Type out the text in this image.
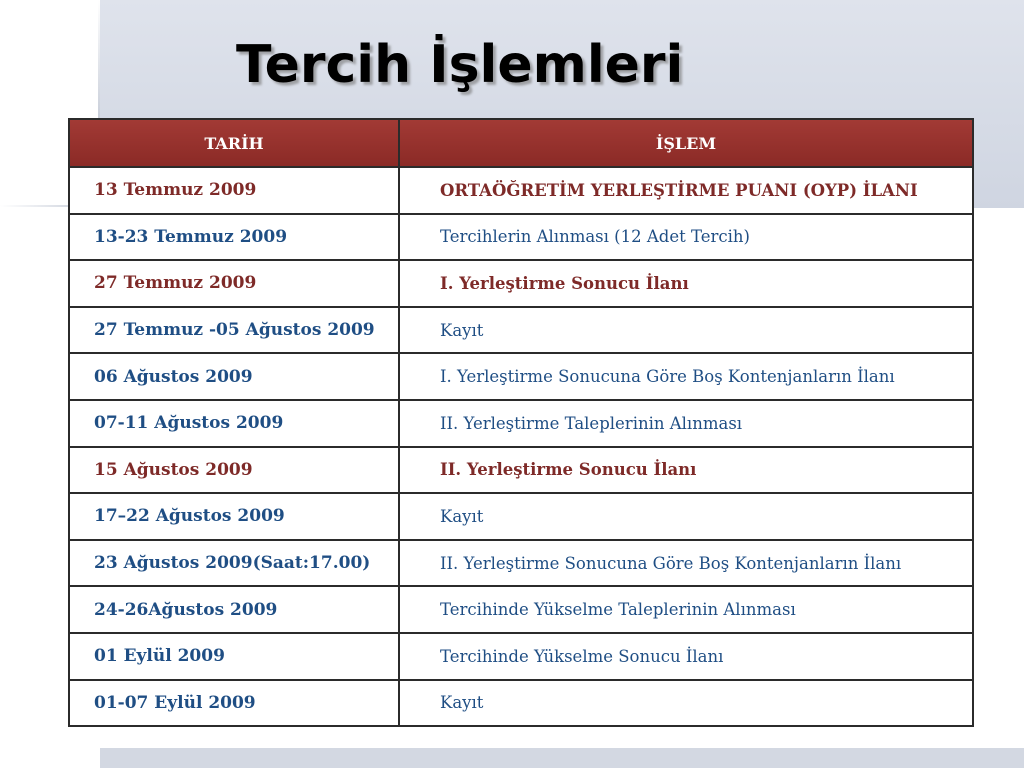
Tercih İşlemleri
TARİH	İŞLEM
13 Temmuz 2009	ORTAÖĞRETİM YERLEŞTİRME PUANI (OYP) İLANI
13-23 Temmuz 2009	Tercihlerin Alınması (12 Adet Tercih)
27 Temmuz 2009	I. Yerleştirme Sonucu İlanı
27 Temmuz -05 Ağustos 2009	Kayıt
06 Ağustos 2009	I. Yerleştirme Sonucuna Göre Boş Kontenjanların İlanı
07-11 Ağustos 2009	II. Yerleştirme Taleplerinin Alınması
15 Ağustos 2009	II. Yerleştirme Sonucu İlanı
17–22 Ağustos 2009	Kayıt
23 Ağustos 2009(Saat:17.00)	II. Yerleştirme Sonucuna Göre Boş Kontenjanların İlanı
24-26Ağustos 2009	Tercihinde Yükselme Taleplerinin Alınması
01 Eylül 2009	Tercihinde Yükselme Sonucu İlanı
01-07 Eylül 2009	Kayıt
